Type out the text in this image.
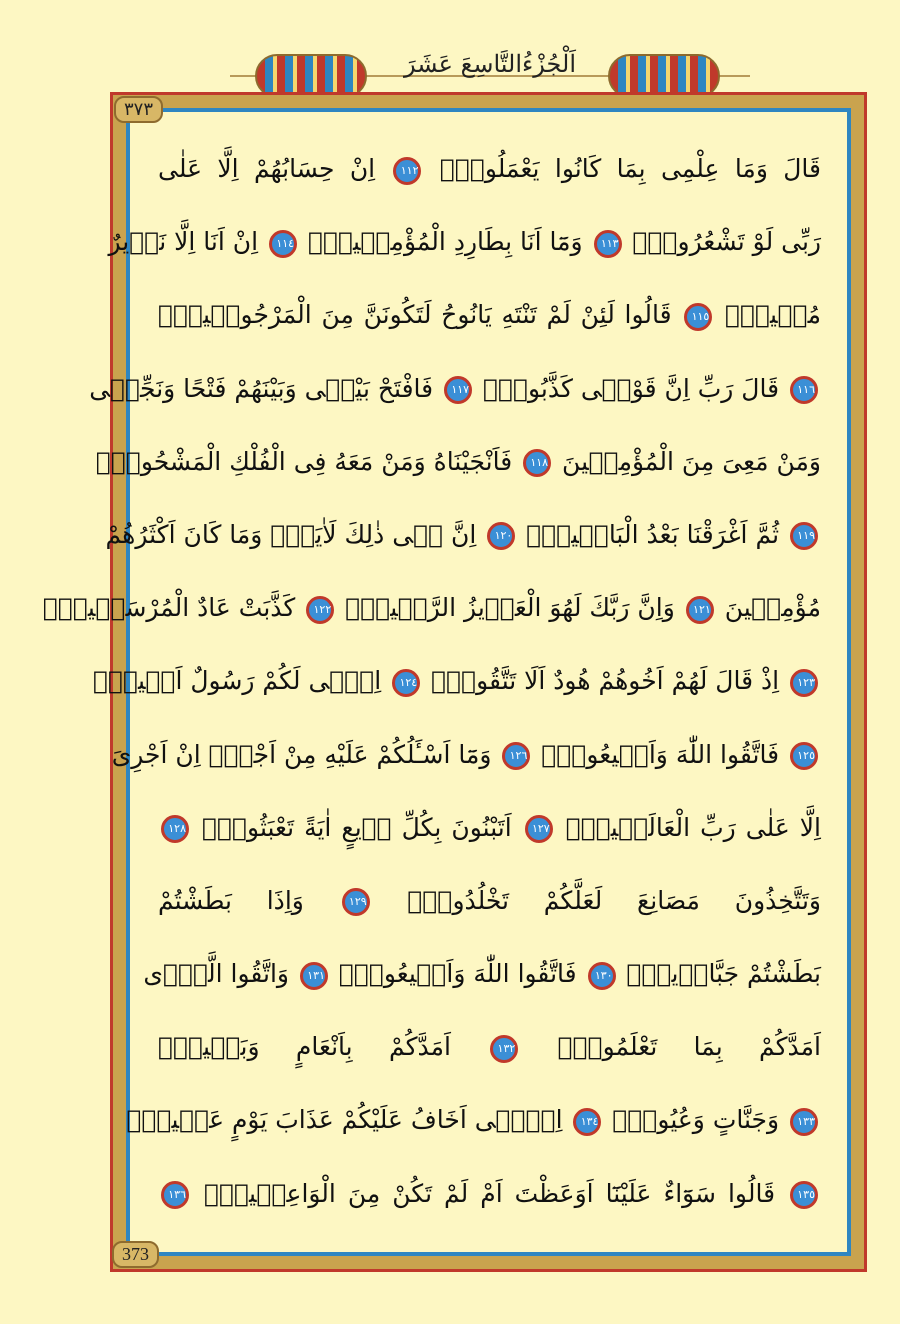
اَلْجُزْءُالتَّاسِعَ عَشَرَ
قَالَ وَمَا عِلْمِى بِمَا كَانُوا يَعْمَلُونَۚ ١١٢ اِنْ حِسَابُهُمْ اِلَّا عَلٰى
رَبِّى لَوْ تَشْعُرُونَۚ ١١٣ وَمَٓا اَنَا بِطَارِدِ الْمُؤْمِنٖينَۚ ١١٤ اِنْ اَنَا اِلَّا نَذٖيرٌ
مُبٖينٌۜ ١١٥ قَالُوا لَئِنْ لَمْ تَنْتَهِ يَانُوحُ لَتَكُونَنَّ مِنَ الْمَرْجُومٖينَۜ
١١٦ قَالَ رَبِّ اِنَّ قَوْمٖى كَذَّبُونِۚ ١١٧ فَافْتَحْ بَيْنٖى وَبَيْنَهُمْ فَتْحًا وَنَجِّنٖى
وَمَنْ مَعِىَ مِنَ الْمُؤْمِنٖينَ ١١٨ فَاَنْجَيْنَاهُ وَمَنْ مَعَهُ فِى الْفُلْكِ الْمَشْحُونِۚ
١١٩ ثُمَّ اَغْرَقْنَا بَعْدُ الْبَاقٖينَۜ ١٢٠ اِنَّ فٖى ذٰلِكَ لَاٰيَةًۜ وَمَا كَانَ اَكْثَرُهُمْ
مُؤْمِنٖينَ ١٢١ وَاِنَّ رَبَّكَ لَهُوَ الْعَزٖيزُ الرَّحٖيمُۚ ١٢٢ كَذَّبَتْ عَادٌ الْمُرْسَلٖينَۚ
١٢٣ اِذْ قَالَ لَهُمْ اَخُوهُمْ هُودٌ اَلَا تَتَّقُونَۚ ١٢٤ اِنّٖى لَكُمْ رَسُولٌ اَمٖينٌۙ
١٢٥ فَاتَّقُوا اللّٰهَ وَاَطٖيعُونِۚ ١٢٦ وَمَٓا اَسْـَٔلُكُمْ عَلَيْهِ مِنْ اَجْرٍۚ اِنْ اَجْرِىَ
اِلَّا عَلٰى رَبِّ الْعَالَمٖينَۜ ١٢٧ اَتَبْنُونَ بِكُلِّ رٖيعٍ اٰيَةً تَعْبَثُونَۙ ١٢٨
وَتَتَّخِذُونَ مَصَانِعَ لَعَلَّكُمْ تَخْلُدُونَۚ ١٢٩ وَاِذَا بَطَشْتُمْ
بَطَشْتُمْ جَبَّارٖينَۚ ١٣٠ فَاتَّقُوا اللّٰهَ وَاَطٖيعُونِۚ ١٣١ وَاتَّقُوا الَّذٖٓى
اَمَدَّكُمْ بِمَا تَعْلَمُونَۚ ١٣٢ اَمَدَّكُمْ بِاَنْعَامٍ وَبَنٖينَۙ
١٣٣ وَجَنَّاتٍ وَعُيُونٍۚ ١٣٤ اِنّٖٓى اَخَافُ عَلَيْكُمْ عَذَابَ يَوْمٍ عَظٖيمٍۜ
١٣٥ قَالُوا سَوَٓاءٌ عَلَيْنَٓا اَوَعَظْتَ اَمْ لَمْ تَكُنْ مِنَ الْوَاعِظٖينَۙ ١٣٦
٣٧٣
373
